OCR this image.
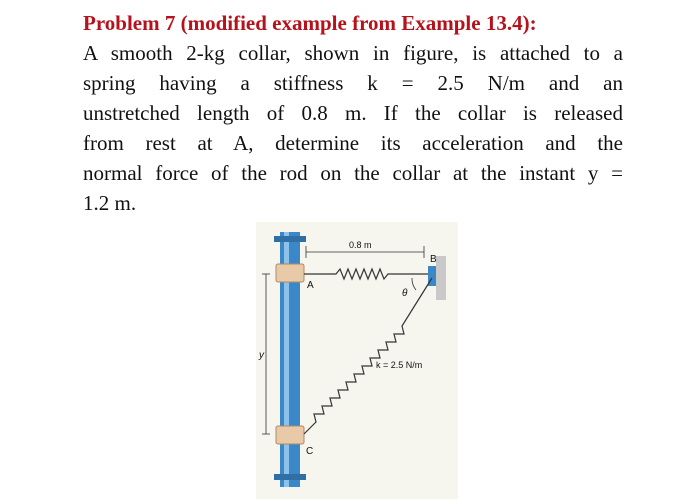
Problem 7 (modified example from Example 13.4):
A smooth 2-kg collar, shown in figure, is attached to a
spring having a stiffness k = 2.5 N/m and an
unstretched length of 0.8 m. If the collar is released
from rest at A, determine its acceleration and the
normal force of the rod on the collar at the instant y =
1.2 m.
0.8 m
B
A
C
y
θ
k = 2.5 N/m
